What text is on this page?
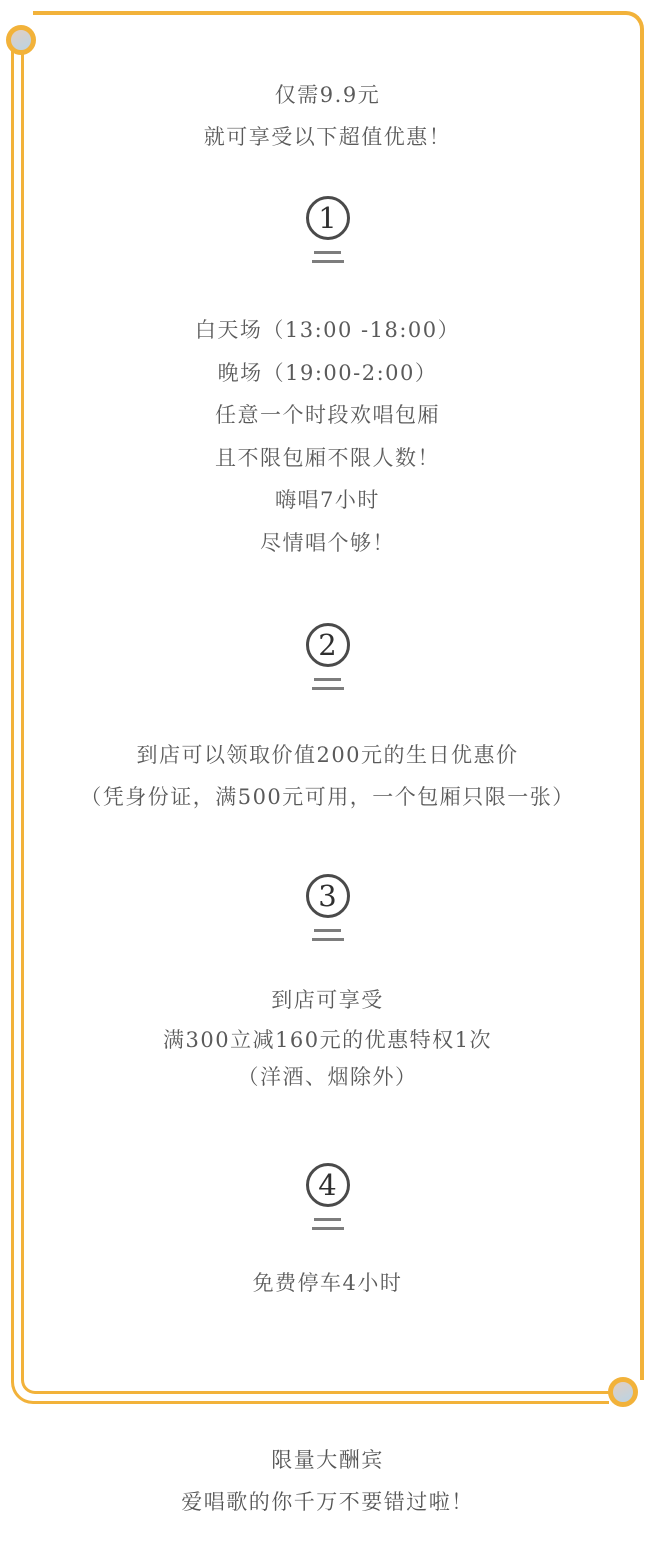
仅需9.9元
就可享受以下超值优惠！
1
白天场（13:00 -18:00）
晚场（19:00-2:00）
任意一个时段欢唱包厢
且不限包厢不限人数！
嗨唱7小时
尽情唱个够！
2
到店可以领取价值200元的生日优惠价
（凭身份证，满500元可用，一个包厢只限一张）
3
到店可享受
满300立减160元的优惠特权1次
（洋酒、烟除外）
4
免费停车4小时
限量大酬宾
爱唱歌的你千万不要错过啦！
